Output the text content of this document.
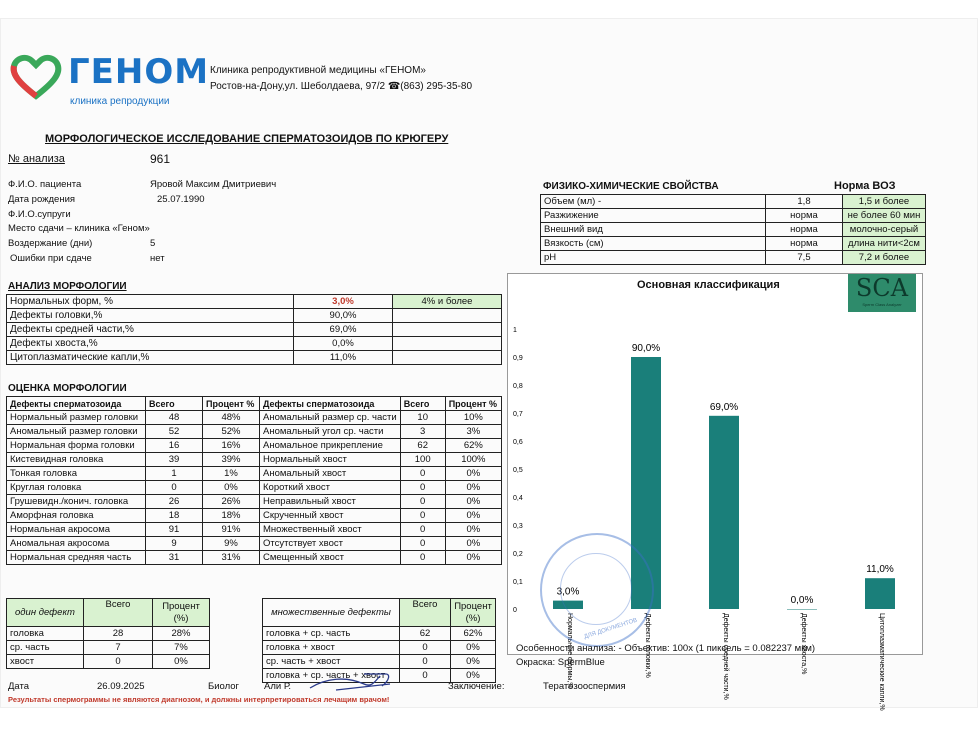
ГЕНОМ
клиника репродукции
Клиника репродуктивной медицины «ГЕНОМ»
Ростов-на-Дону,ул. Шеболдаева, 97/2 ☎(863) 295-35-80
МОРФОЛОГИЧЕСКОЕ ИССЛЕДОВАНИЕ СПЕРМАТОЗОИДОВ ПО КРЮГЕРУ
№ анализа	961
Ф.И.О. пациента	Яровой Максим Дмитриевич
Дата рождения	25.07.1990
Ф.И.О.супруги
Место сдачи – клиника «Геном»
Воздержание (дни)	5
Ошибки при сдаче	нет
ФИЗИКО-ХИМИЧЕСКИЕ СВОЙСТВА	Норма ВОЗ
Объем (мл) -	1,8	1,5 и более
Разжижение	норма	не более 60 мин
Внешний вид	норма	молочно-серый
Вязкость (см)	норма	длина нити<2см
pH	7,5	7,2 и более
АНАЛИЗ МОРФОЛОГИИ
Нормальных форм, %	3,0%	4% и более
Дефекты головки,%	90,0%	
Дефекты средней части,%	69,0%	
Дефекты хвоста,%	0,0%	
Цитоплазматические капли,%	11,0%	
ОЦЕНКА МОРФОЛОГИИ
Дефекты сперматозоида	Всего	Процент %	Дефекты сперматозоида	Всего	Процент %
Нормальный размер головки	48	48%	Аномальный размер ср. части	10	10%
Аномальный размер головки	52	52%	Аномальный угол ср. части	3	3%
Нормальная форма головки	16	16%	Аномальное прикрепление	62	62%
Кистевидная головка	39	39%	Нормальный хвост	100	100%
Тонкая головка	1	1%	Аномальный хвост	0	0%
Круглая головка	0	0%	Короткий хвост	0	0%
Грушевидн./конич. головка	26	26%	Неправильный хвост	0	0%
Аморфная головка	18	18%	Скрученный хвост	0	0%
Нормальная акросома	91	91%	Множественный хвост	0	0%
Аномальная акросома	9	9%	Отсутствует хвост	0	0%
Нормальная средняя часть	31	31%	Смещенный хвост	0	0%
один дефект	Всего	Процент (%)
головка	28	28%
ср. часть	7	7%
хвост	0	0%
множественные дефекты	Всего	Процент (%)
головка + ср. часть	62	62%
головка + хвост	0	0%
ср. часть + хвост	0	0%
головка + ср. часть + хвост	0	0%
Основная классификация	SCA
Sperm Class Analyzer
0
0,1
0,2
0,3
0,4
0,5
0,6
0,7
0,8
0,9
1
3,0%
Нормальные формы,%
90,0%
Дефекты головки,%
69,0%
Дефекты средней части,%
0,0%
Дефекты хвоста,%
11,0%
Цитоплазматические капли,%
ДЛЯ ДОКУМЕНТОВ
Особенности анализа: - Объектив: 100х (1 пиксель = 0.082237 мкм)
Окраска: SpermBlue
Дата	26.09.2025	Биолог	Али Р.	Заключение:	Тератозооспермия
Результаты спермограммы не являются диагнозом, и должны интерпретироваться лечащим врачом!
